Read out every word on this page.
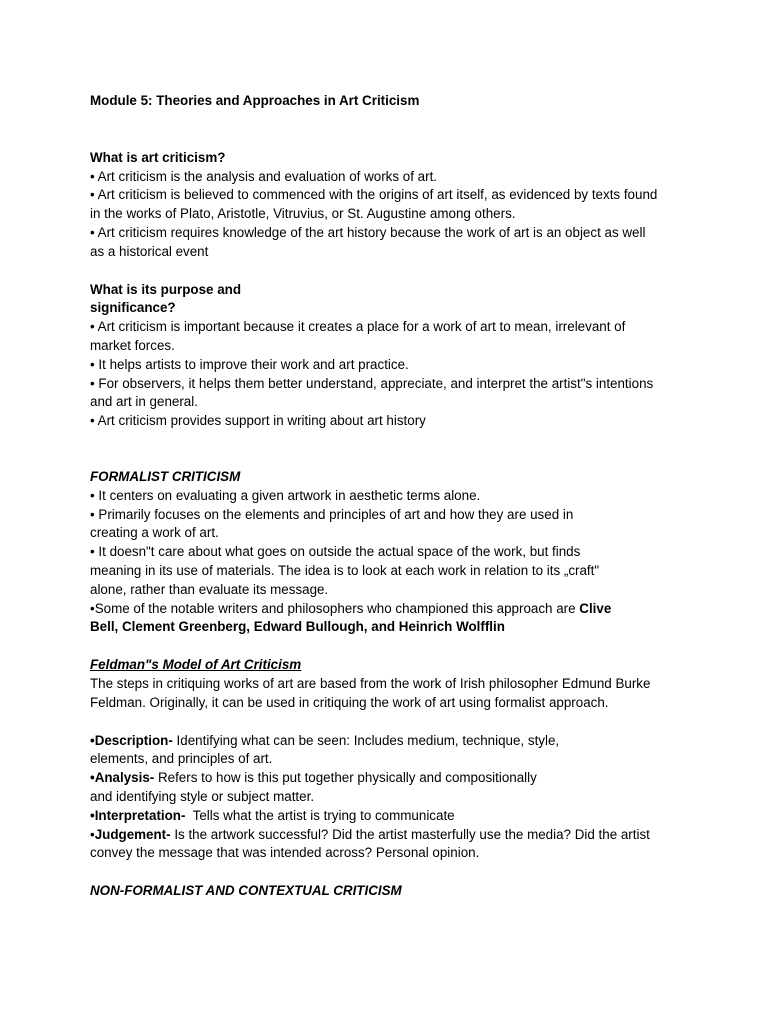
Module 5: Theories and Approaches in Art Criticism
What is art criticism?
• Art criticism is the analysis and evaluation of works of art.
• Art criticism is believed to commenced with the origins of art itself, as evidenced by texts found
in the works of Plato, Aristotle, Vitruvius, or St. Augustine among others.
• Art criticism requires knowledge of the art history because the work of art is an object as well
as a historical event
What is its purpose and
significance?
• Art criticism is important because it creates a place for a work of art to mean, irrelevant of
market forces.
• It helps artists to improve their work and art practice.
• For observers, it helps them better understand, appreciate, and interpret the artist"s intentions
and art in general.
• Art criticism provides support in writing about art history
FORMALIST CRITICISM
• It centers on evaluating a given artwork in aesthetic terms alone.
• Primarily focuses on the elements and principles of art and how they are used in
creating a work of art.
• It doesn"t care about what goes on outside the actual space of the work, but finds
meaning in its use of materials. The idea is to look at each work in relation to its „craft"
alone, rather than evaluate its message.
•Some of the notable writers and philosophers who championed this approach are Clive
Bell, Clement Greenberg, Edward Bullough, and Heinrich Wolfflin
Feldman"s Model of Art Criticism
The steps in critiquing works of art are based from the work of Irish philosopher Edmund Burke
Feldman. Originally, it can be used in critiquing the work of art using formalist approach.
•Description- Identifying what can be seen: Includes medium, technique, style,
elements, and principles of art.
•Analysis- Refers to how is this put together physically and compositionally
and identifying style or subject matter.
•Interpretation-  Tells what the artist is trying to communicate
•Judgement- Is the artwork successful? Did the artist masterfully use the media? Did the artist
convey the message that was intended across? Personal opinion.
NON-FORMALIST AND CONTEXTUAL CRITICISM
